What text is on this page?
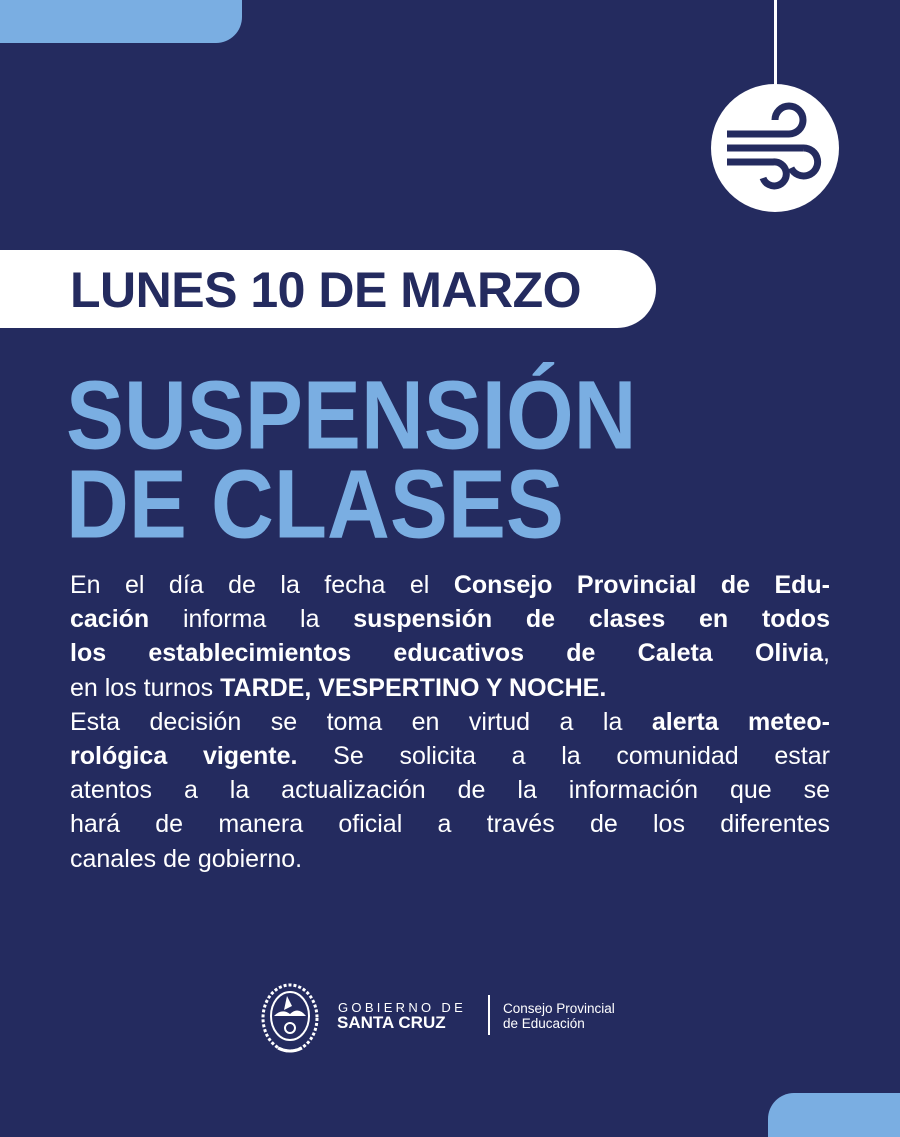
LUNES 10 DE MARZO
SUSPENSIÓN
DE CLASES
En el día de la fecha el Consejo Provincial de Edu-
cación informa la suspensión de clases en todos
los establecimientos educativos de Caleta Olivia,
en los turnos TARDE, VESPERTINO Y NOCHE.
Esta decisión se toma en virtud a la alerta meteo-
rológica vigente. Se solicita a la comunidad estar
atentos a la actualización de la información que se
hará de manera oficial a través de los diferentes
canales de gobierno.
GOBIERNO DE
SANTA CRUZ
Consejo Provincial
de Educación
